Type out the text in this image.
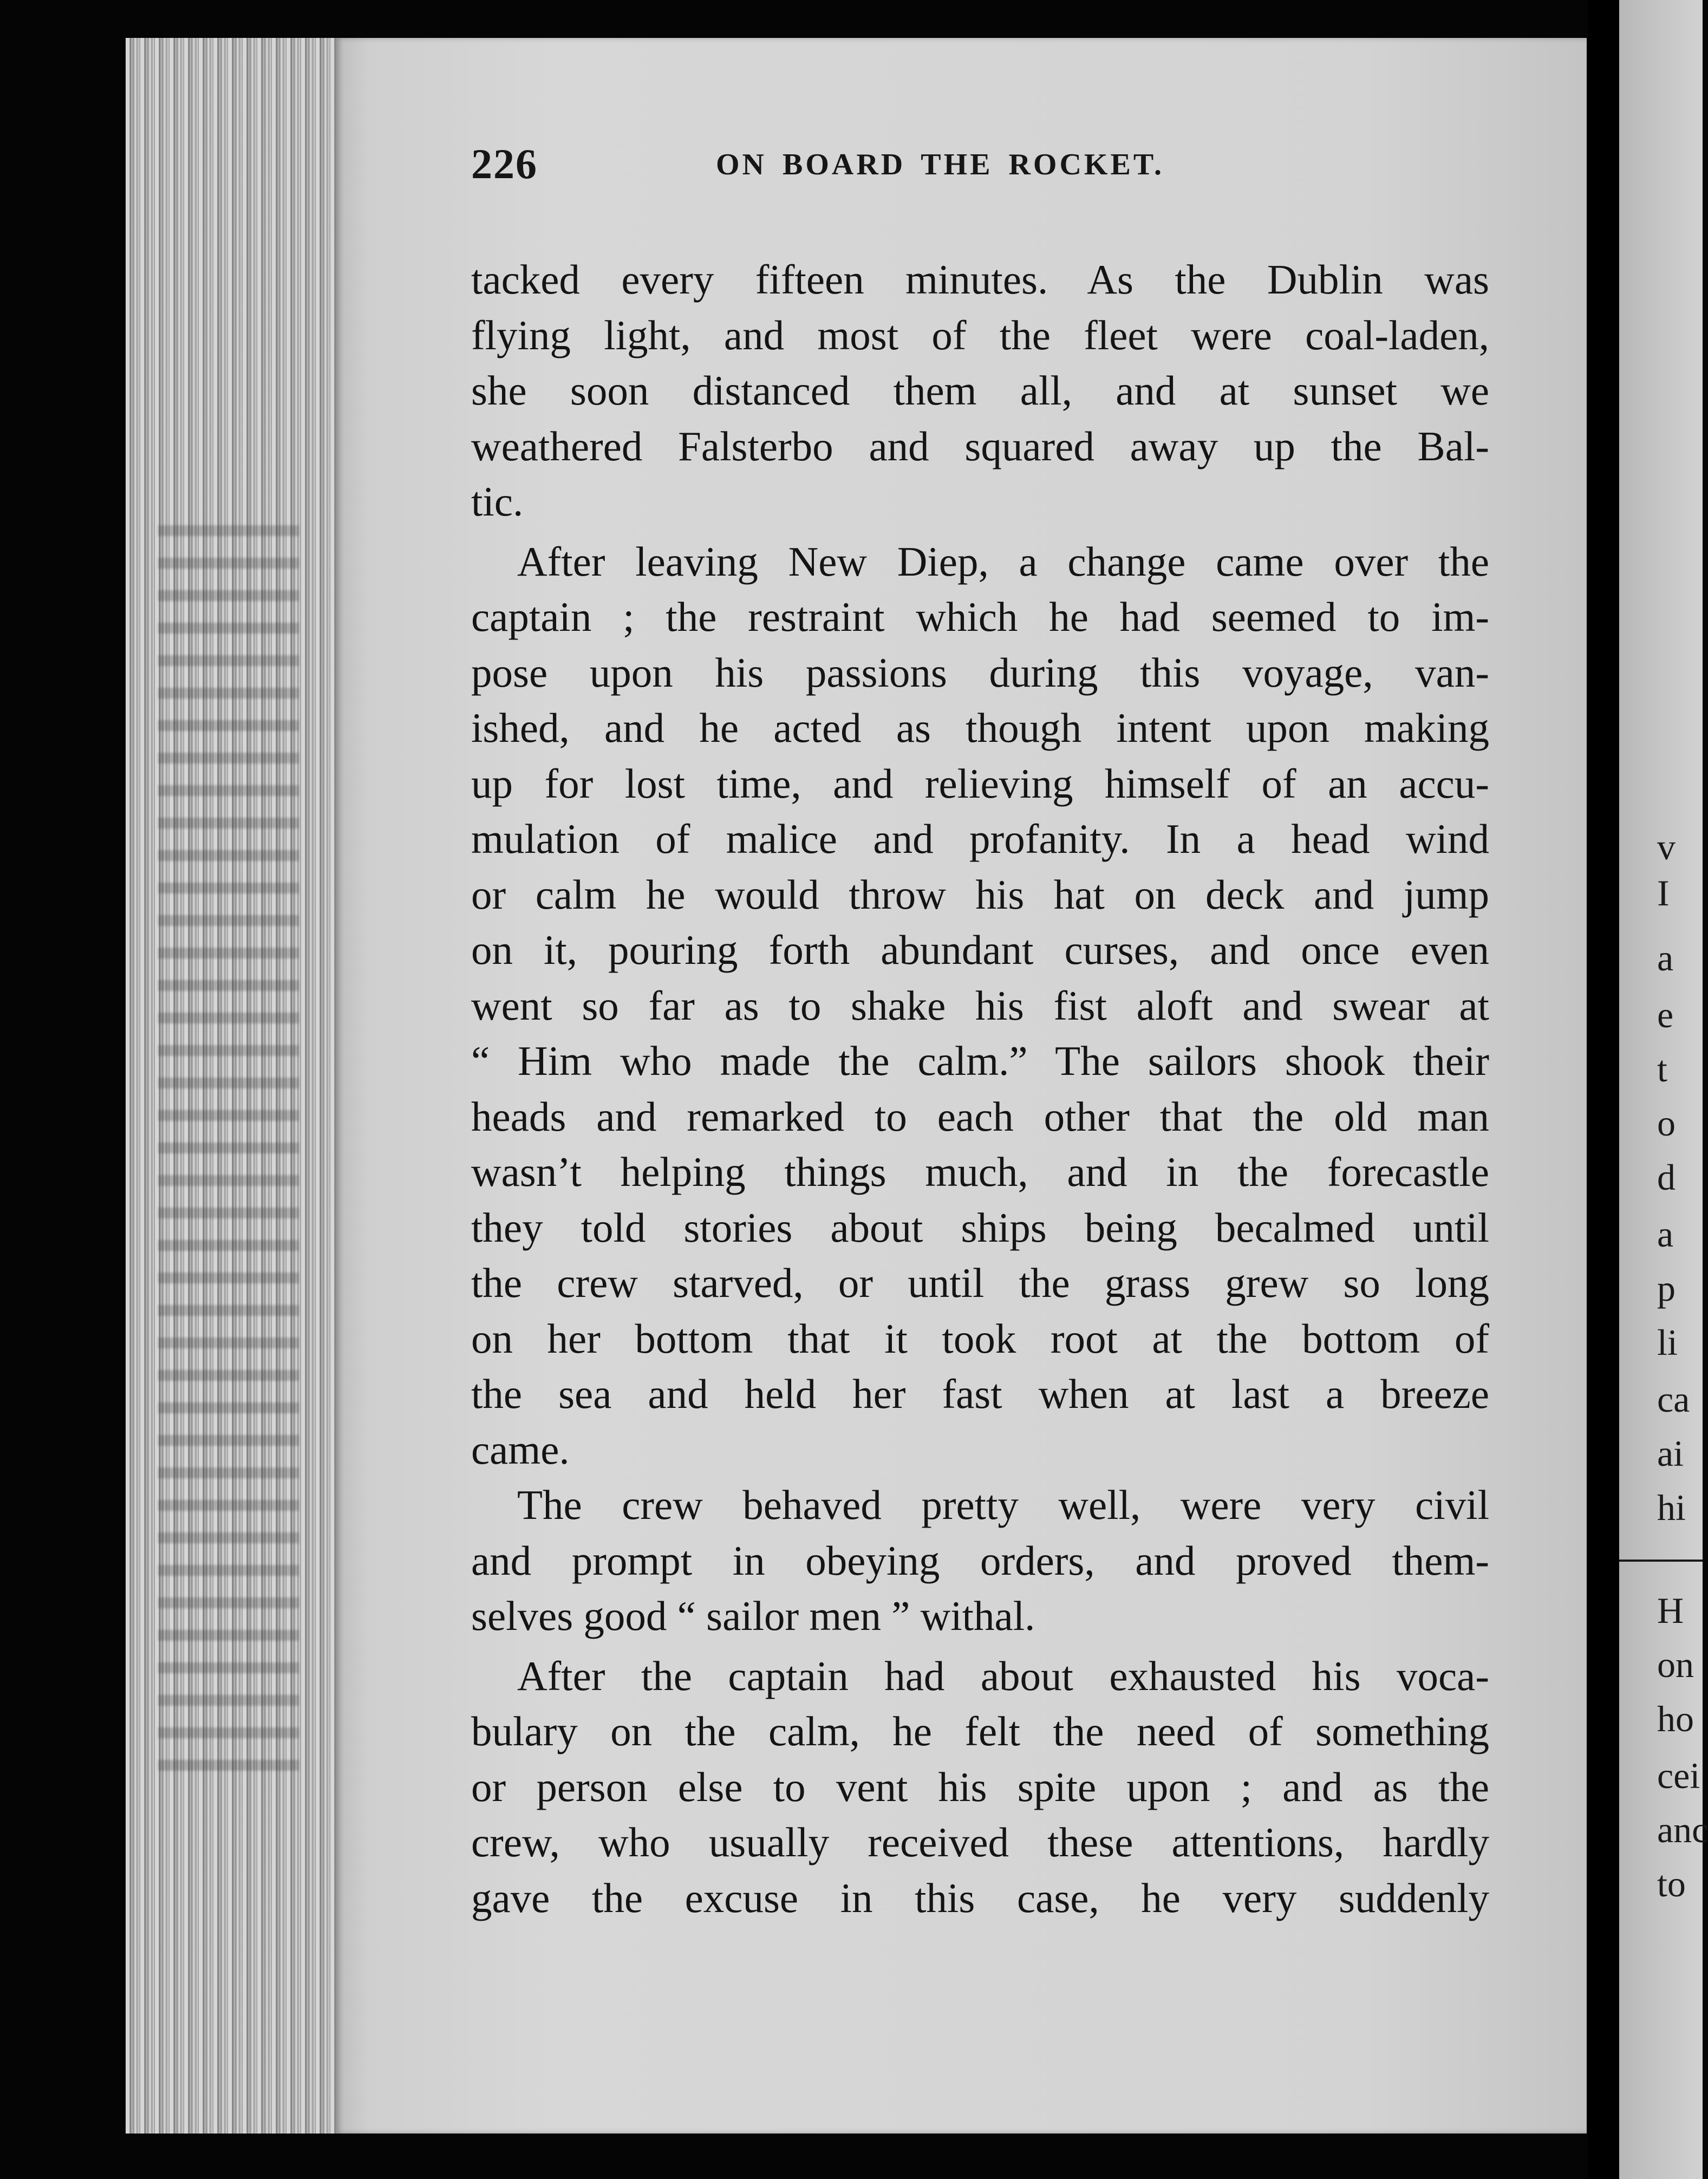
226	ON BOARD THE ROCKET.

tacked every fifteen minutes. As the Dublin was

flying light, and most of the fleet were coal-laden,

she soon distanced them all, and at sunset we

weathered Falsterbo and squared away up the Bal-

tic.

After leaving New Diep, a change came over the

captain ; the restraint which he had seemed to im-

pose upon his passions during this voyage, van-

ished, and he acted as though intent upon making

up for lost time, and relieving himself of an accu-

mulation of malice and profanity. In a head wind

or calm he would throw his hat on deck and jump

on it, pouring forth abundant curses, and once even

went so far as to shake his fist aloft and swear at

“ Him who made the calm.” The sailors shook their

heads and remarked to each other that the old man

wasn’t helping things much, and in the forecastle

they told stories about ships being becalmed until

the crew starved, or until the grass grew so long

on her bottom that it took root at the bottom of

the sea and held her fast when at last a breeze

came.

The crew behaved pretty well, were very civil

and prompt in obeying orders, and proved them-

selves good “ sailor men ” withal.

After the captain had about exhausted his voca-

bulary on the calm, he felt the need of something

or person else to vent his spite upon ; and as the

crew, who usually received these attentions, hardly

gave the excuse in this case, he very suddenly

v

I

a

e

t

o

d

a

p

li

ca

ai

hi

H

on

ho

cei

anc

to
